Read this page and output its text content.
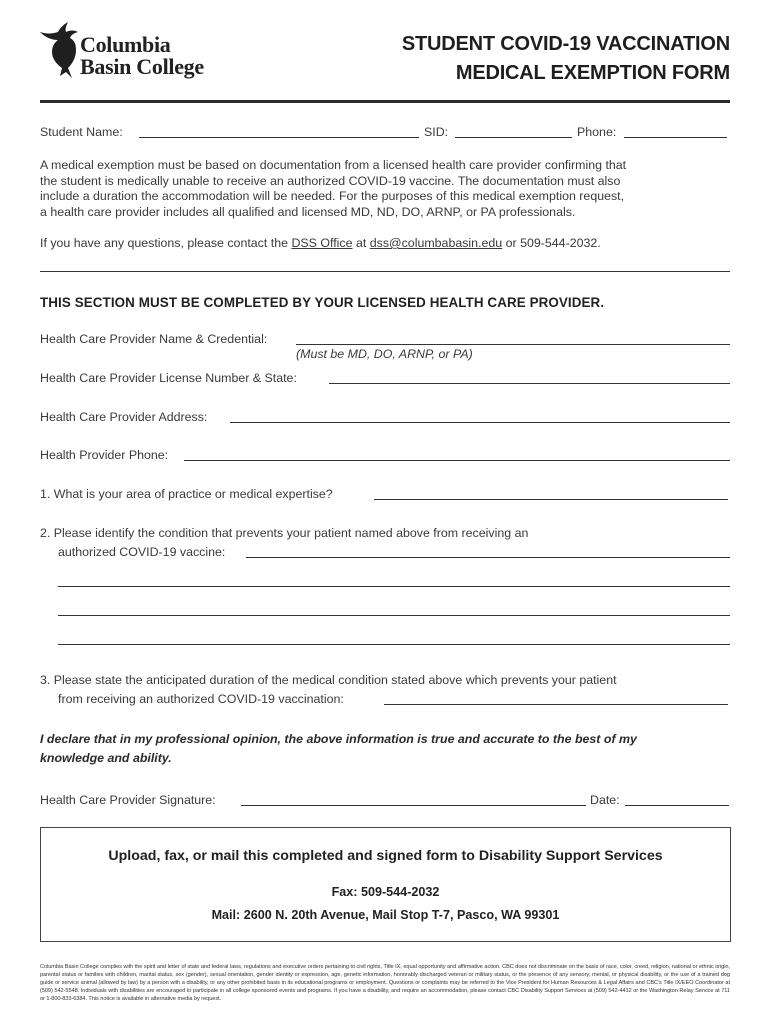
Columbia
Basin College
STUDENT COVID-19 VACCINATION
MEDICAL EXEMPTION FORM
Student Name:	SID:	Phone:
A medical exemption must be based on documentation from a licensed health care provider confirming that
the student is medically unable to receive an authorized COVID-19 vaccine. The documentation must also
include a duration the accommodation will be needed. For the purposes of this medical exemption request,
a health care provider includes all qualified and licensed MD, ND, DO, ARNP, or PA professionals.
If you have any questions, please contact the DSS Office at dss@columbabasin.edu or 509-544-2032.
THIS SECTION MUST BE COMPLETED BY YOUR LICENSED HEALTH CARE PROVIDER.
Health Care Provider Name & Credential:
(Must be MD, DO, ARNP, or PA)
Health Care Provider License Number & State:
Health Care Provider Address:
Health Provider Phone:
1. What is your area of practice or medical expertise?
2. Please identify the condition that prevents your patient named above from receiving an
authorized COVID-19 vaccine:
3. Please state the anticipated duration of the medical condition stated above which prevents your patient
from receiving an authorized COVID-19 vaccination:
I declare that in my professional opinion, the above information is true and accurate to the best of my
knowledge and ability.
Health Care Provider Signature:	Date:
Upload, fax, or mail this completed and signed form to Disability Support Services
Fax: 509-544-2032
Mail: 2600 N. 20th Avenue, Mail Stop T-7, Pasco, WA 99301
Columbia Basin College complies with the spirit and letter of state and federal laws, regulations and executive orders pertaining to civil rights, Title IX, equal opportunity and affirmative action. CBC does not discriminate on the basis of race, color, creed, religion, national or ethnic origin, parental status or families with children, marital status, sex (gender), sexual orientation, gender identity or expression, age, genetic information, honorably discharged veteran or military status, or the presence of any sensory, mental, or physical disability, or the use of a trained dog guide or service animal (allowed by law) by a person with a disability, or any other prohibited basis in its educational programs or employment. Questions or complaints may be referred to the Vice President for Human Resources & Legal Affairs and CBC's Title IX/EEO Coordinator at (509) 542-5548. Individuals with disabilities are encouraged to participate in all college sponsored events and programs. If you have a disability, and require an accommodation, please contact CBC Disability Support Services at (509) 542-4412 or the Washington Relay Service at 711 or 1-800-833-6384. This notice is available in alternative media by request.
